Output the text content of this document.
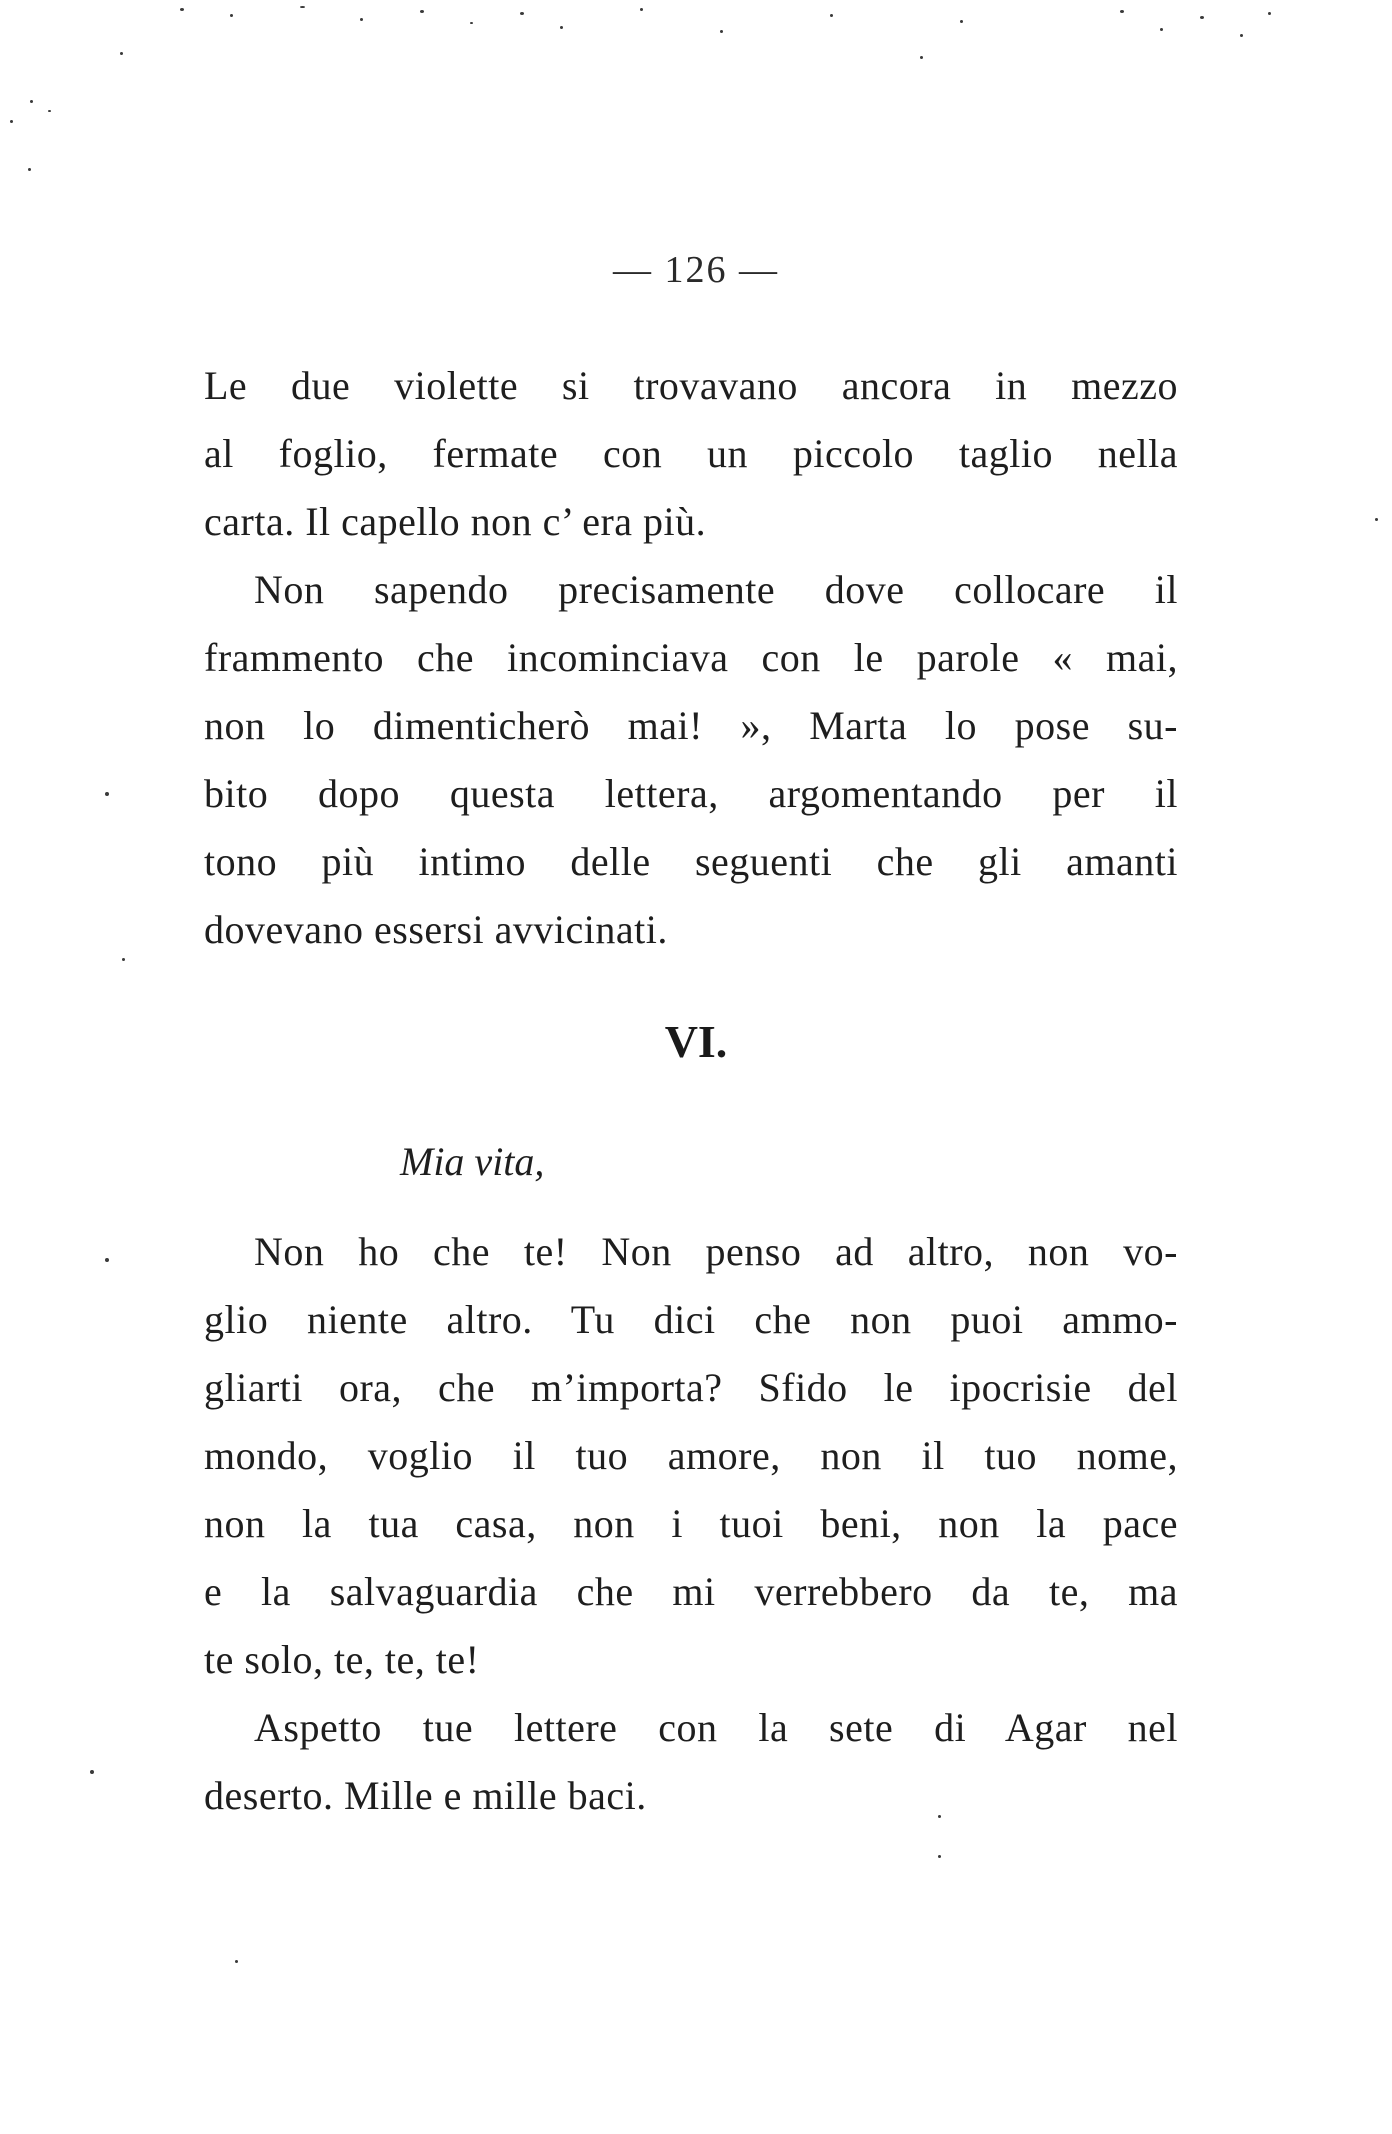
— 126 —
Le due violette si trovavano ancora in mezzo
al foglio, fermate con un piccolo taglio nella
carta. Il capello non c’ era più.
Non sapendo precisamente dove collocare il
frammento che incominciava con le parole « mai,
non lo dimenticherò mai! », Marta lo pose su-
bito dopo questa lettera, argomentando per il
tono più intimo delle seguenti che gli amanti
dovevano essersi avvicinati.
VI.
Mia vita,
Non ho che te! Non penso ad altro, non vo-
glio niente altro. Tu dici che non puoi ammo-
gliarti ora, che m’importa? Sfido le ipocrisie del
mondo, voglio il tuo amore, non il tuo nome,
non la tua casa, non i tuoi beni, non la pace
e la salvaguardia che mi verrebbero da te, ma
te solo, te, te, te!
Aspetto tue lettere con la sete di Agar nel
deserto. Mille e mille baci.
